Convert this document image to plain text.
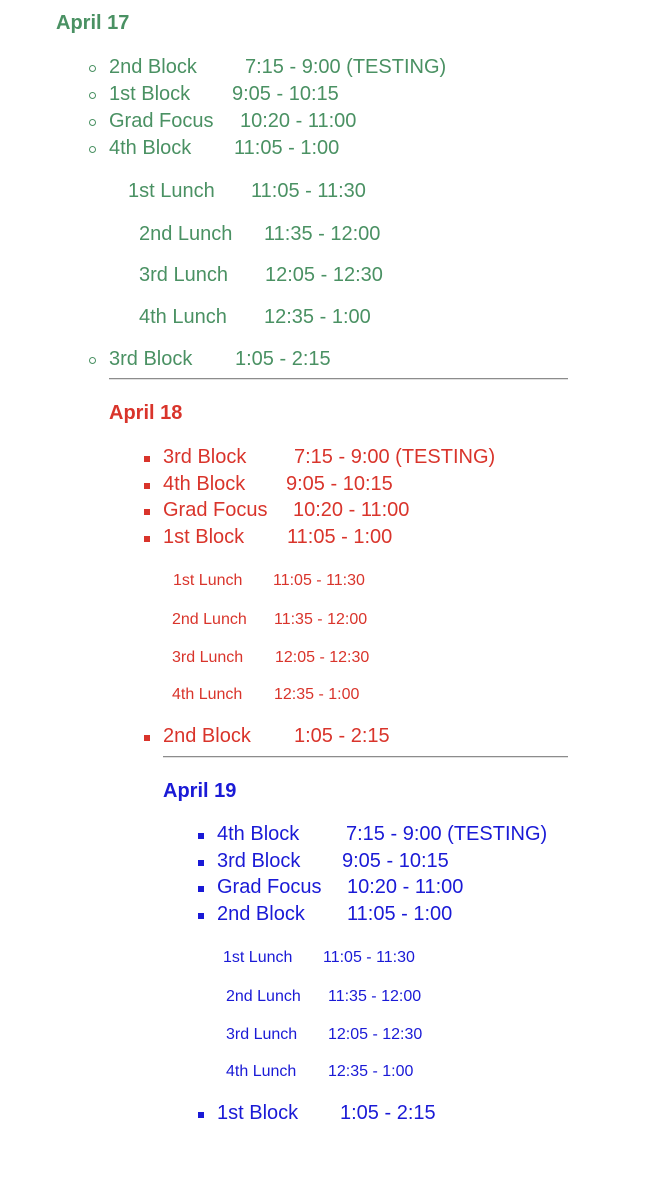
April 17
2nd Block 7:15 - 9:00 (TESTING)
1st Block 9:05 - 10:15
Grad Focus 10:20 - 11:00
4th Block 11:05 - 1:00
1st Lunch 11:05 - 11:30
2nd Lunch 11:35 - 12:00
3rd Lunch 12:05 - 12:30
4th Lunch 12:35 - 1:00
3rd Block 1:05 - 2:15
April 18
3rd Block 7:15 - 9:00 (TESTING)
4th Block 9:05 - 10:15
Grad Focus 10:20 - 11:00
1st Block 11:05 - 1:00
1st Lunch 11:05 - 11:30
2nd Lunch 11:35 - 12:00
3rd Lunch 12:05 - 12:30
4th Lunch 12:35 - 1:00
2nd Block 1:05 - 2:15
April 19
4th Block 7:15 - 9:00 (TESTING)
3rd Block 9:05 - 10:15
Grad Focus 10:20 - 11:00
2nd Block 11:05 - 1:00
1st Lunch 11:05 - 11:30
2nd Lunch 11:35 - 12:00
3rd Lunch 12:05 - 12:30
4th Lunch 12:35 - 1:00
1st Block 1:05 - 2:15
